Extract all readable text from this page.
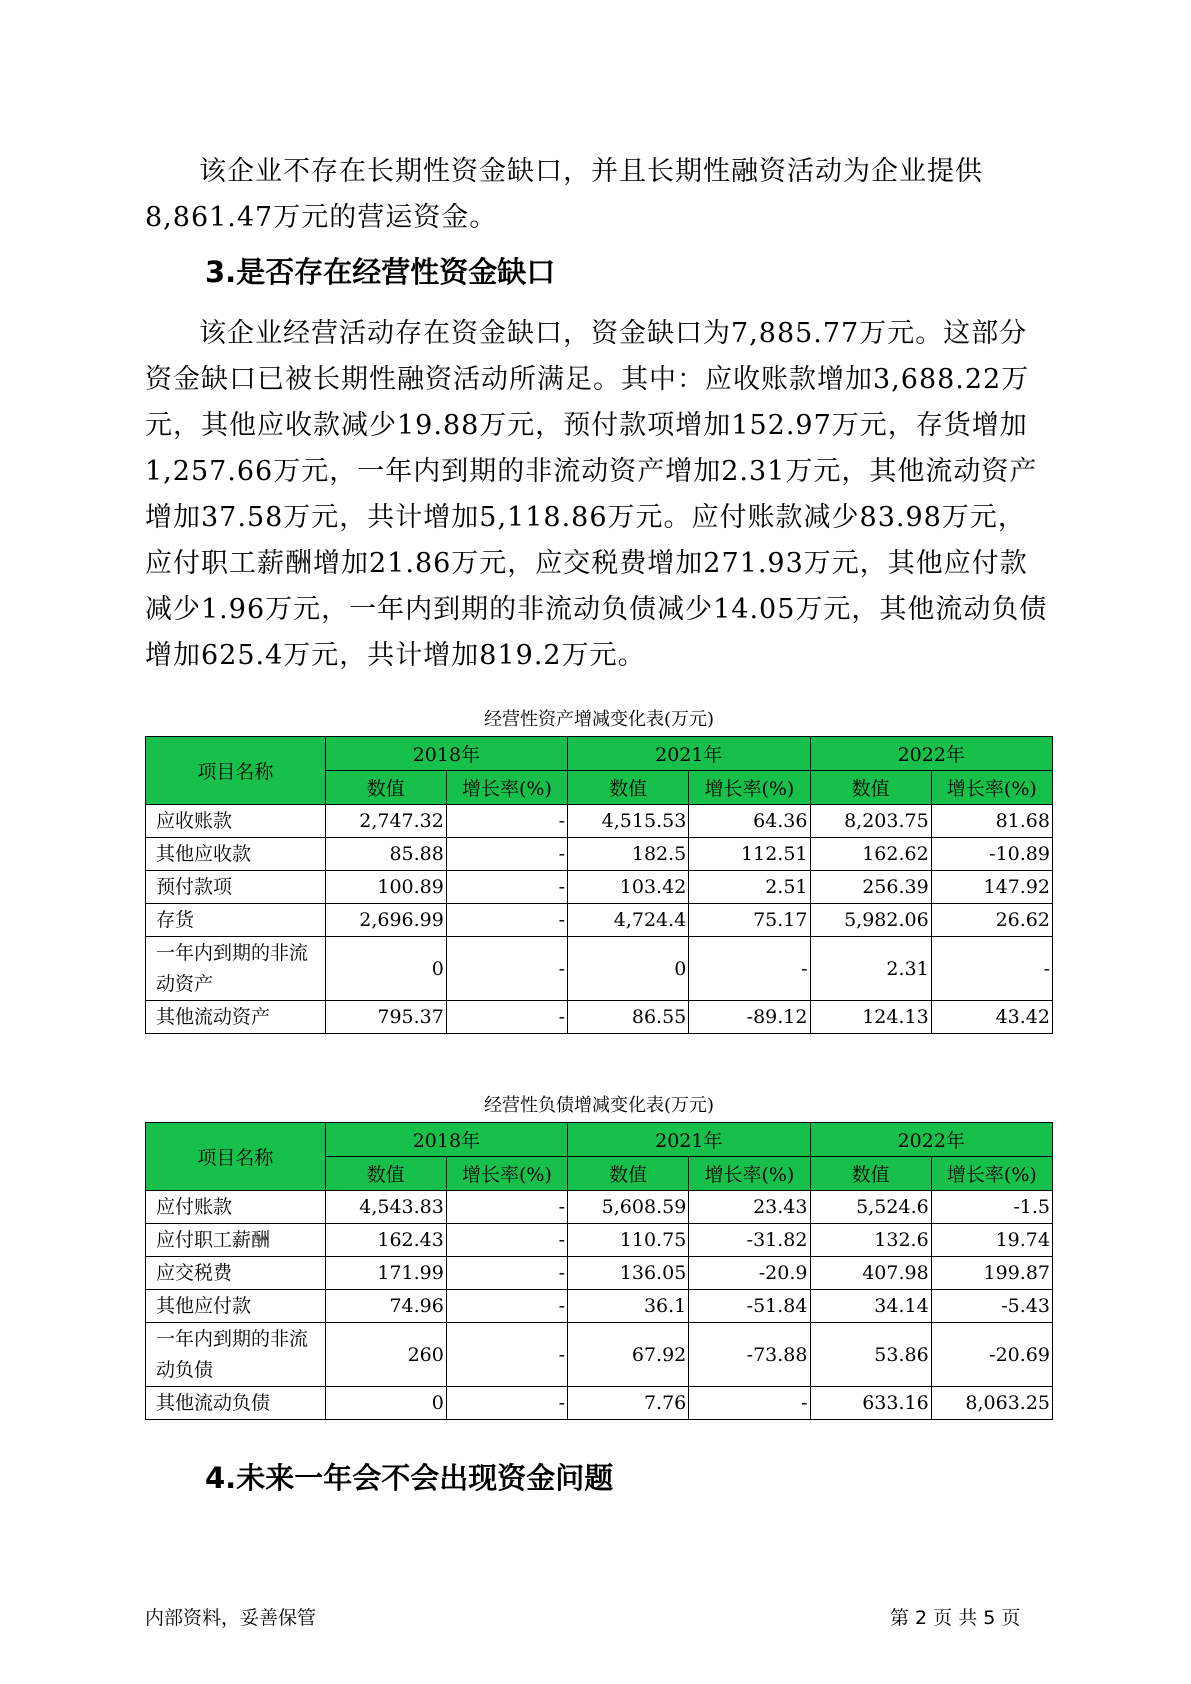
该企业不存在长期性资金缺口，并且长期性融资活动为企业提供8,861.47万元的营运资金。

3.是否存在经营性资金缺口

该企业经营活动存在资金缺口，资金缺口为7,885.77万元。这部分资金缺口已被长期性融资活动所满足。其中：应收账款增加3,688.22万元，其他应收款减少19.88万元，预付款项增加152.97万元，存货增加1,257.66万元，一年内到期的非流动资产增加2.31万元，其他流动资产增加37.58万元，共计增加5,118.86万元。应付账款减少83.98万元，应付职工薪酬增加21.86万元，应交税费增加271.93万元，其他应付款减少1.96万元，一年内到期的非流动负债减少14.05万元，其他流动负债增加625.4万元，共计增加819.2万元。

经营性资产增减变化表(万元)
项目名称	2018年		2021年		2022年	
	数值	增长率(%)	数值	增长率(%)	数值	增长率(%)
应收账款	2,747.32	-	4,515.53	64.36	8,203.75	81.68
其他应收款	85.88	-	182.5	112.51	162.62	-10.89
预付款项	100.89	-	103.42	2.51	256.39	147.92
存货	2,696.99	-	4,724.4	75.17	5,982.06	26.62
一年内到期的非流动资产	0	-	0	-	2.31	-
其他流动资产	795.37	-	86.55	-89.12	124.13	43.42
经营性负债增减变化表(万元)
项目名称	2018年		2021年		2022年	
	数值	增长率(%)	数值	增长率(%)	数值	增长率(%)
应付账款	4,543.83	-	5,608.59	23.43	5,524.6	-1.5
应付职工薪酬	162.43	-	110.75	-31.82	132.6	19.74
应交税费	171.99	-	136.05	-20.9	407.98	199.87
其他应付款	74.96	-	36.1	-51.84	34.14	-5.43
一年内到期的非流动负债	260	-	67.92	-73.88	53.86	-20.69
其他流动负债	0	-	7.76	-	633.16	8,063.25
4.未来一年会不会出现资金问题
内部资料，妥善保管	第 2 页 共 5 页
